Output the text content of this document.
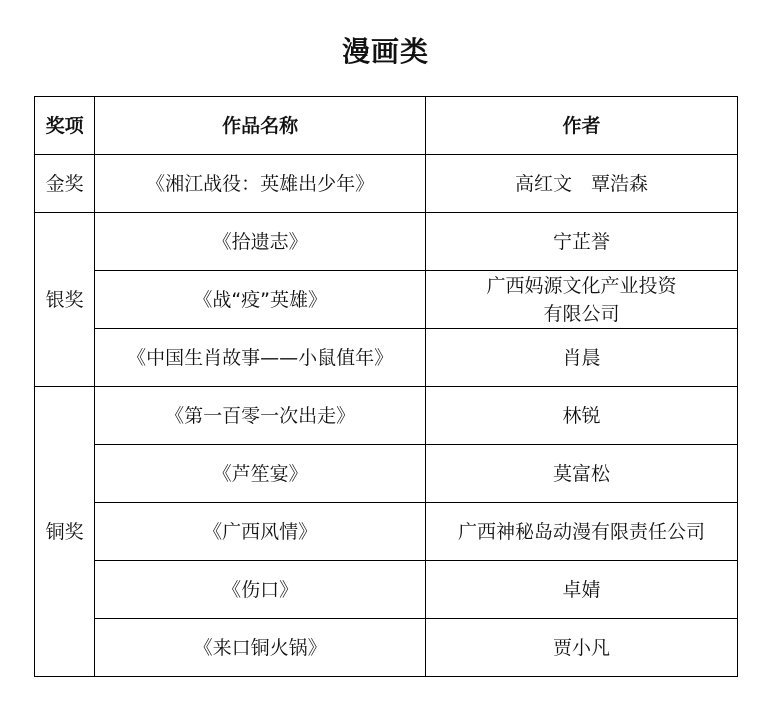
漫画类
奖项	作品名称	作者
金奖	《湘江战役：英雄出少年》	高红文　覃浩森
银奖	《拾遗志》	宁芷誉
	《战“疫”英雄》	广西妈源文化产业投资
有限公司
	《中国生肖故事——小鼠值年》	肖晨
铜奖	《第一百零一次出走》	林锐
	《芦笙宴》	莫富松
	《广西风情》	广西神秘岛动漫有限责任公司
	《伤口》	卓婧
	《来口铜火锅》	贾小凡
